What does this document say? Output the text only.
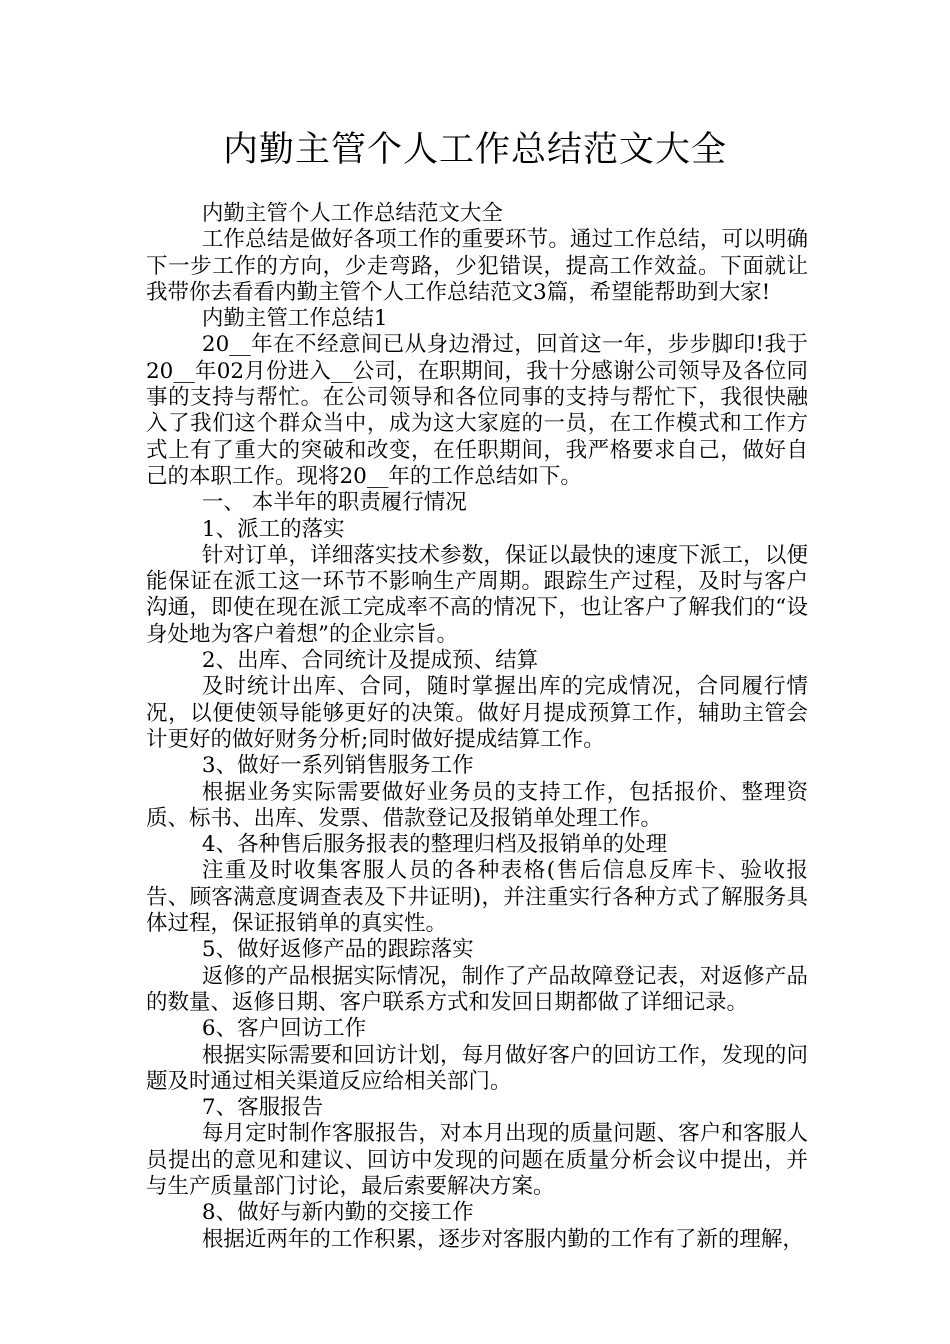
内勤主管个人工作总结范文大全

内勤主管个人工作总结范文大全

工作总结是做好各项工作的重要环节。通过工作总结，可以明确下一步工作的方向，少走弯路，少犯错误，提高工作效益。下面就让我带你去看看内勤主管个人工作总结范文3篇，希望能帮助到大家!

内勤主管工作总结1

20__年在不经意间已从身边滑过，回首这一年，步步脚印!我于20__年02月份进入__公司，在职期间，我十分感谢公司领导及各位同事的支持与帮忙。在公司领导和各位同事的支持与帮忙下，我很快融入了我们这个群众当中，成为这大家庭的一员，在工作模式和工作方式上有了重大的突破和改变，在任职期间，我严格要求自己，做好自己的本职工作。现将20__年的工作总结如下。

一、 本半年的职责履行情况

1、派工的落实

针对订单，详细落实技术参数，保证以最快的速度下派工，以便能保证在派工这一环节不影响生产周期。跟踪生产过程，及时与客户沟通，即使在现在派工完成率不高的情况下，也让客户了解我们的“设身处地为客户着想”的企业宗旨。

2、出库、合同统计及提成预、结算

及时统计出库、合同，随时掌握出库的完成情况，合同履行情况，以便使领导能够更好的决策。做好月提成预算工作，辅助主管会计更好的做好财务分析;同时做好提成结算工作。

3、做好一系列销售服务工作

根据业务实际需要做好业务员的支持工作，包括报价、整理资质、标书、出库、发票、借款登记及报销单处理工作。

4、各种售后服务报表的整理归档及报销单的处理

注重及时收集客服人员的各种表格(售后信息反库卡、验收报告、顾客满意度调查表及下井证明)，并注重实行各种方式了解服务具体过程，保证报销单的真实性。

5、做好返修产品的跟踪落实

返修的产品根据实际情况，制作了产品故障登记表，对返修产品的数量、返修日期、客户联系方式和发回日期都做了详细记录。

6、客户回访工作

根据实际需要和回访计划，每月做好客户的回访工作，发现的问题及时通过相关渠道反应给相关部门。

7、客服报告

每月定时制作客服报告，对本月出现的质量问题、客户和客服人员提出的意见和建议、回访中发现的问题在质量分析会议中提出，并与生产质量部门讨论，最后索要解决方案。

8、做好与新内勤的交接工作

根据近两年的工作积累，逐步对客服内勤的工作有了新的理解，
